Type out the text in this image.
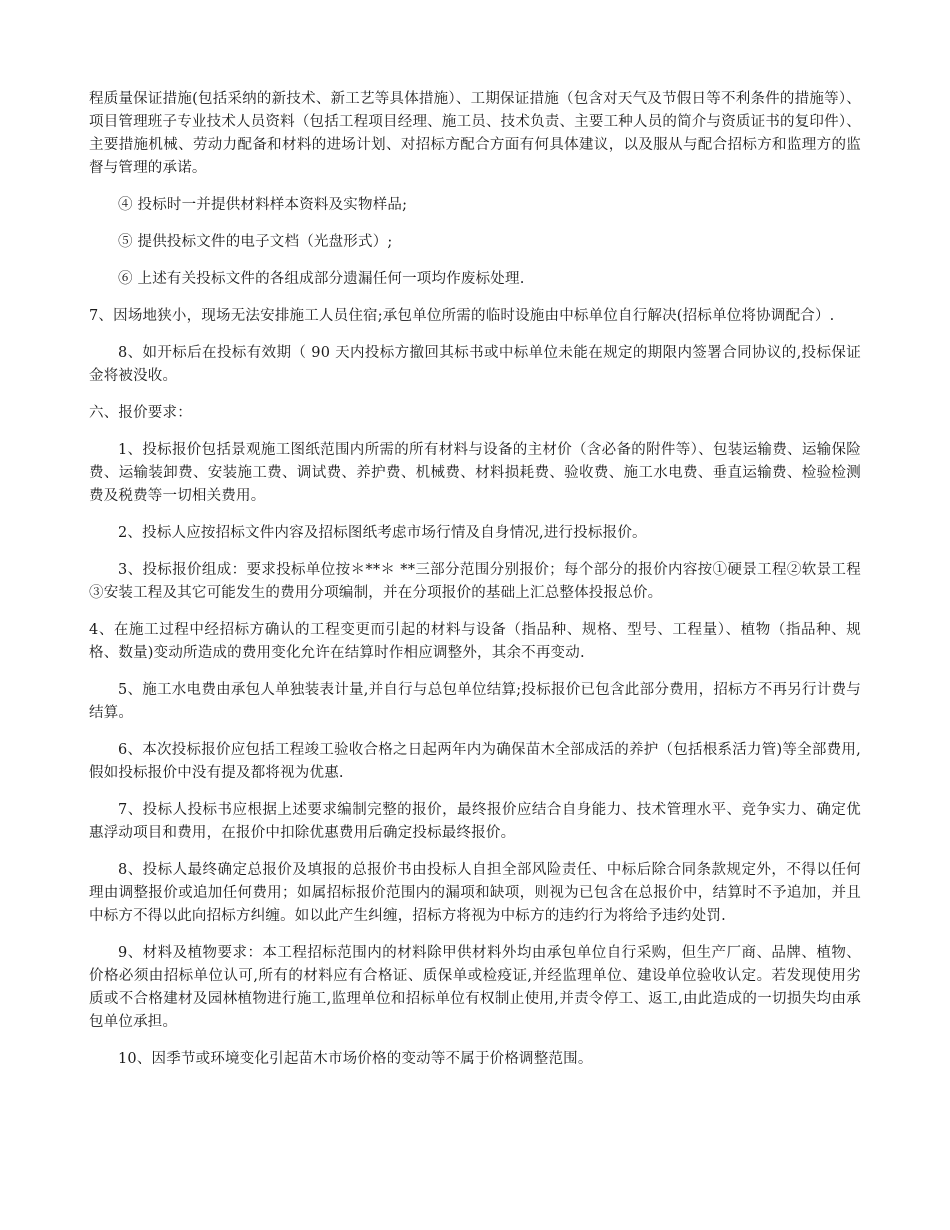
程质量保证措施(包括采纳的新技术、新工艺等具体措施）、工期保证措施（包含对天气及节假日等不利条件的措施等）、项目管理班子专业技术人员资料（包括工程项目经理、施工员、技术负责、主要工种人员的简介与资质证书的复印件）、主要措施机械、劳动力配备和材料的进场计划、对招标方配合方面有何具体建议，以及服从与配合招标方和监理方的监督与管理的承诺。

④ 投标时一并提供材料样本资料及实物样品;

⑤ 提供投标文件的电子文档（光盘形式）;

⑥ 上述有关投标文件的各组成部分遗漏任何一项均作废标处理.

7、因场地狭小，现场无法安排施工人员住宿;承包单位所需的临时设施由中标单位自行解决(招标单位将协调配合）.

8、如开标后在投标有效期（ 90 天内投标方撤回其标书或中标单位未能在规定的期限内签署合同协议的,投标保证金将被没收。

六、报价要求：

1、投标报价包括景观施工图纸范围内所需的所有材料与设备的主材价（含必备的附件等）、包装运输费、运输保险费、运输装卸费、安装施工费、调试费、养护费、机械费、材料损耗费、验收费、施工水电费、垂直运输费、检验检测费及税费等一切相关费用。

2、投标人应按招标文件内容及招标图纸考虑市场行情及自身情况,进行投标报价。

3、投标报价组成：要求投标单位按＊**＊ **三部分范围分别报价；每个部分的报价内容按①硬景工程②软景工程③安装工程及其它可能发生的费用分项编制，并在分项报价的基础上汇总整体投报总价。

4、在施工过程中经招标方确认的工程变更而引起的材料与设备（指品种、规格、型号、工程量）、植物（指品种、规格、数量)变动所造成的费用变化允许在结算时作相应调整外，其余不再变动.

5、施工水电费由承包人单独装表计量,并自行与总包单位结算;投标报价已包含此部分费用，招标方不再另行计费与结算。

6、本次投标报价应包括工程竣工验收合格之日起两年内为确保苗木全部成活的养护（包括根系活力管)等全部费用,假如投标报价中没有提及都将视为优惠.

7、投标人投标书应根据上述要求编制完整的报价，最终报价应结合自身能力、技术管理水平、竞争实力、确定优惠浮动项目和费用，在报价中扣除优惠费用后确定投标最终报价。

8、投标人最终确定总报价及填报的总报价书由投标人自担全部风险责任、中标后除合同条款规定外，不得以任何理由调整报价或追加任何费用；如属招标报价范围内的漏项和缺项，则视为已包含在总报价中，结算时不予追加，并且中标方不得以此向招标方纠缠。如以此产生纠缠，招标方将视为中标方的违约行为将给予违约处罚.

9、材料及植物要求：本工程招标范围内的材料除甲供材料外均由承包单位自行采购，但生产厂商、品牌、植物、价格必须由招标单位认可,所有的材料应有合格证、质保单或检疫证,并经监理单位、建设单位验收认定。若发现使用劣质或不合格建材及园林植物进行施工,监理单位和招标单位有权制止使用,并责令停工、返工,由此造成的一切损失均由承包单位承担。

10、因季节或环境变化引起苗木市场价格的变动等不属于价格调整范围。
